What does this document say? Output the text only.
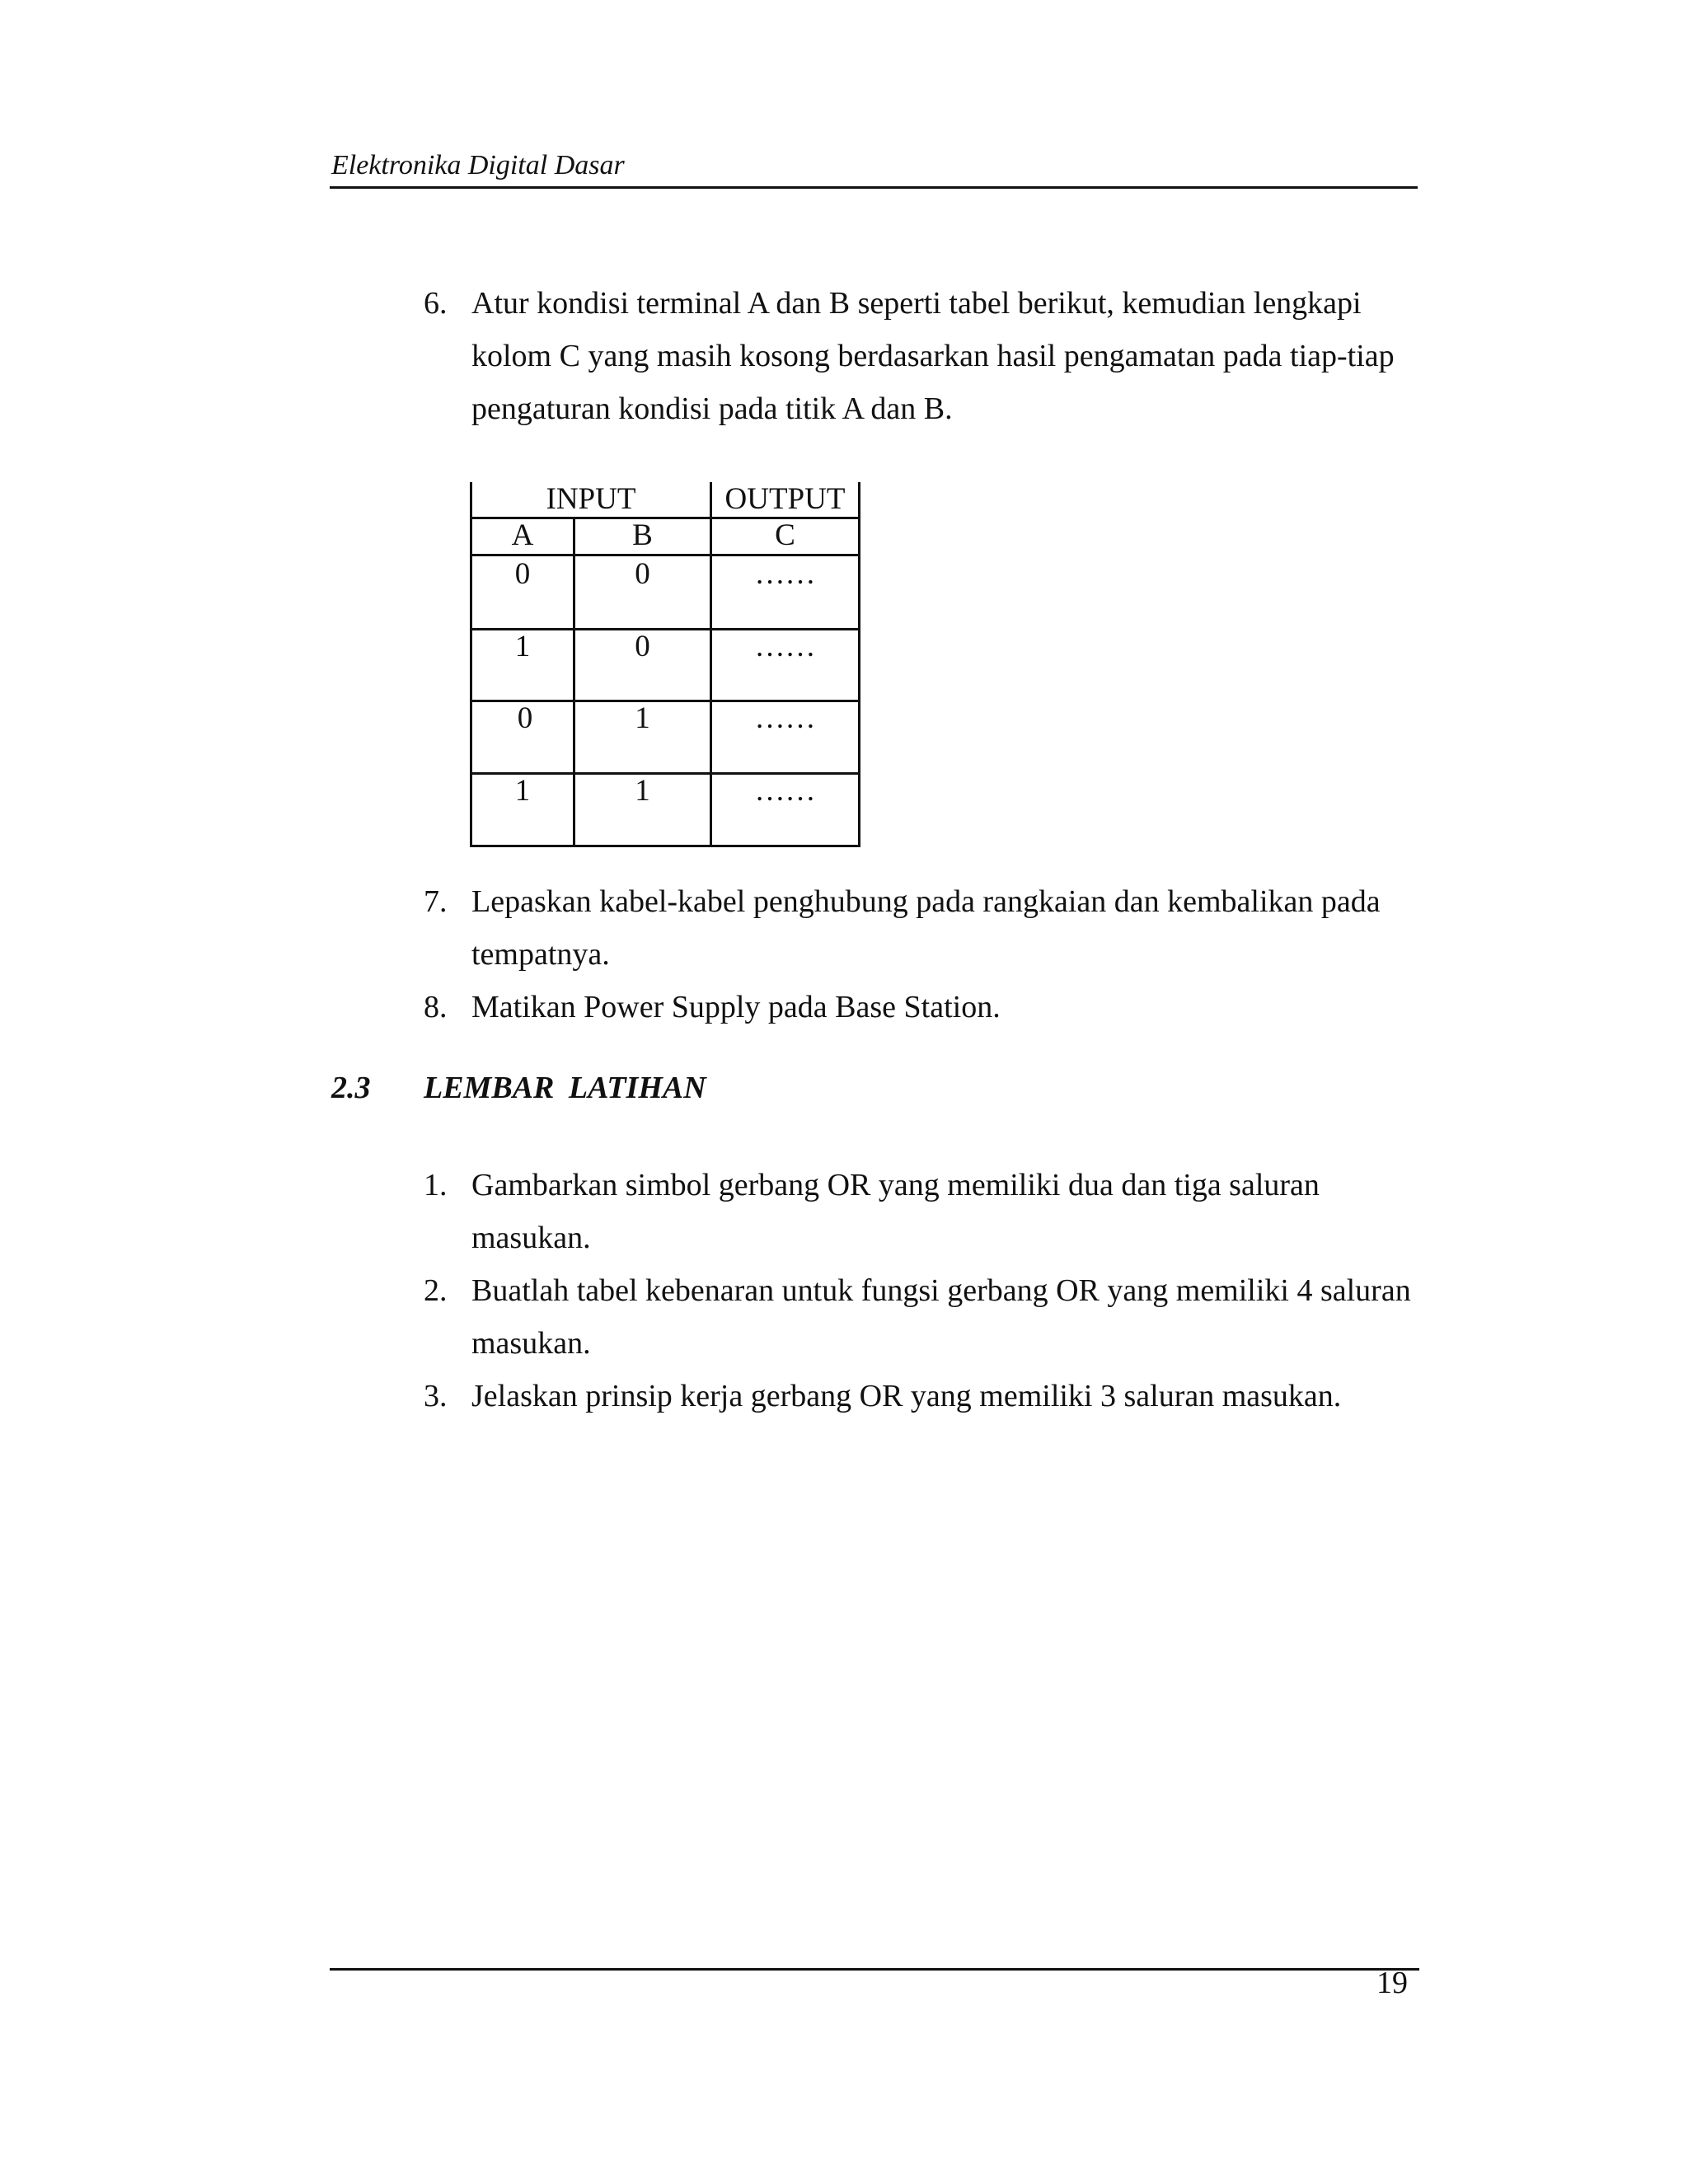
Elektronika Digital Dasar
6. Atur kondisi terminal A dan B seperti tabel berikut, kemudian lengkapi
kolom C yang masih kosong berdasarkan hasil pengamatan pada tiap-tiap
pengaturan kondisi pada titik A dan B.
INPUT	OUTPUT
A	B	C
0	0	……
1	0	……
0	1	……
1	1	……
7. Lepaskan kabel-kabel penghubung pada rangkaian dan kembalikan pada
tempatnya.
8. Matikan Power Supply pada Base Station.
2.3 LEMBAR LATIHAN
1. Gambarkan simbol gerbang OR yang memiliki dua dan tiga saluran
masukan.
2. Buatlah tabel kebenaran untuk fungsi gerbang OR yang memiliki 4 saluran
masukan.
3. Jelaskan prinsip kerja gerbang OR yang memiliki 3 saluran masukan.
19
